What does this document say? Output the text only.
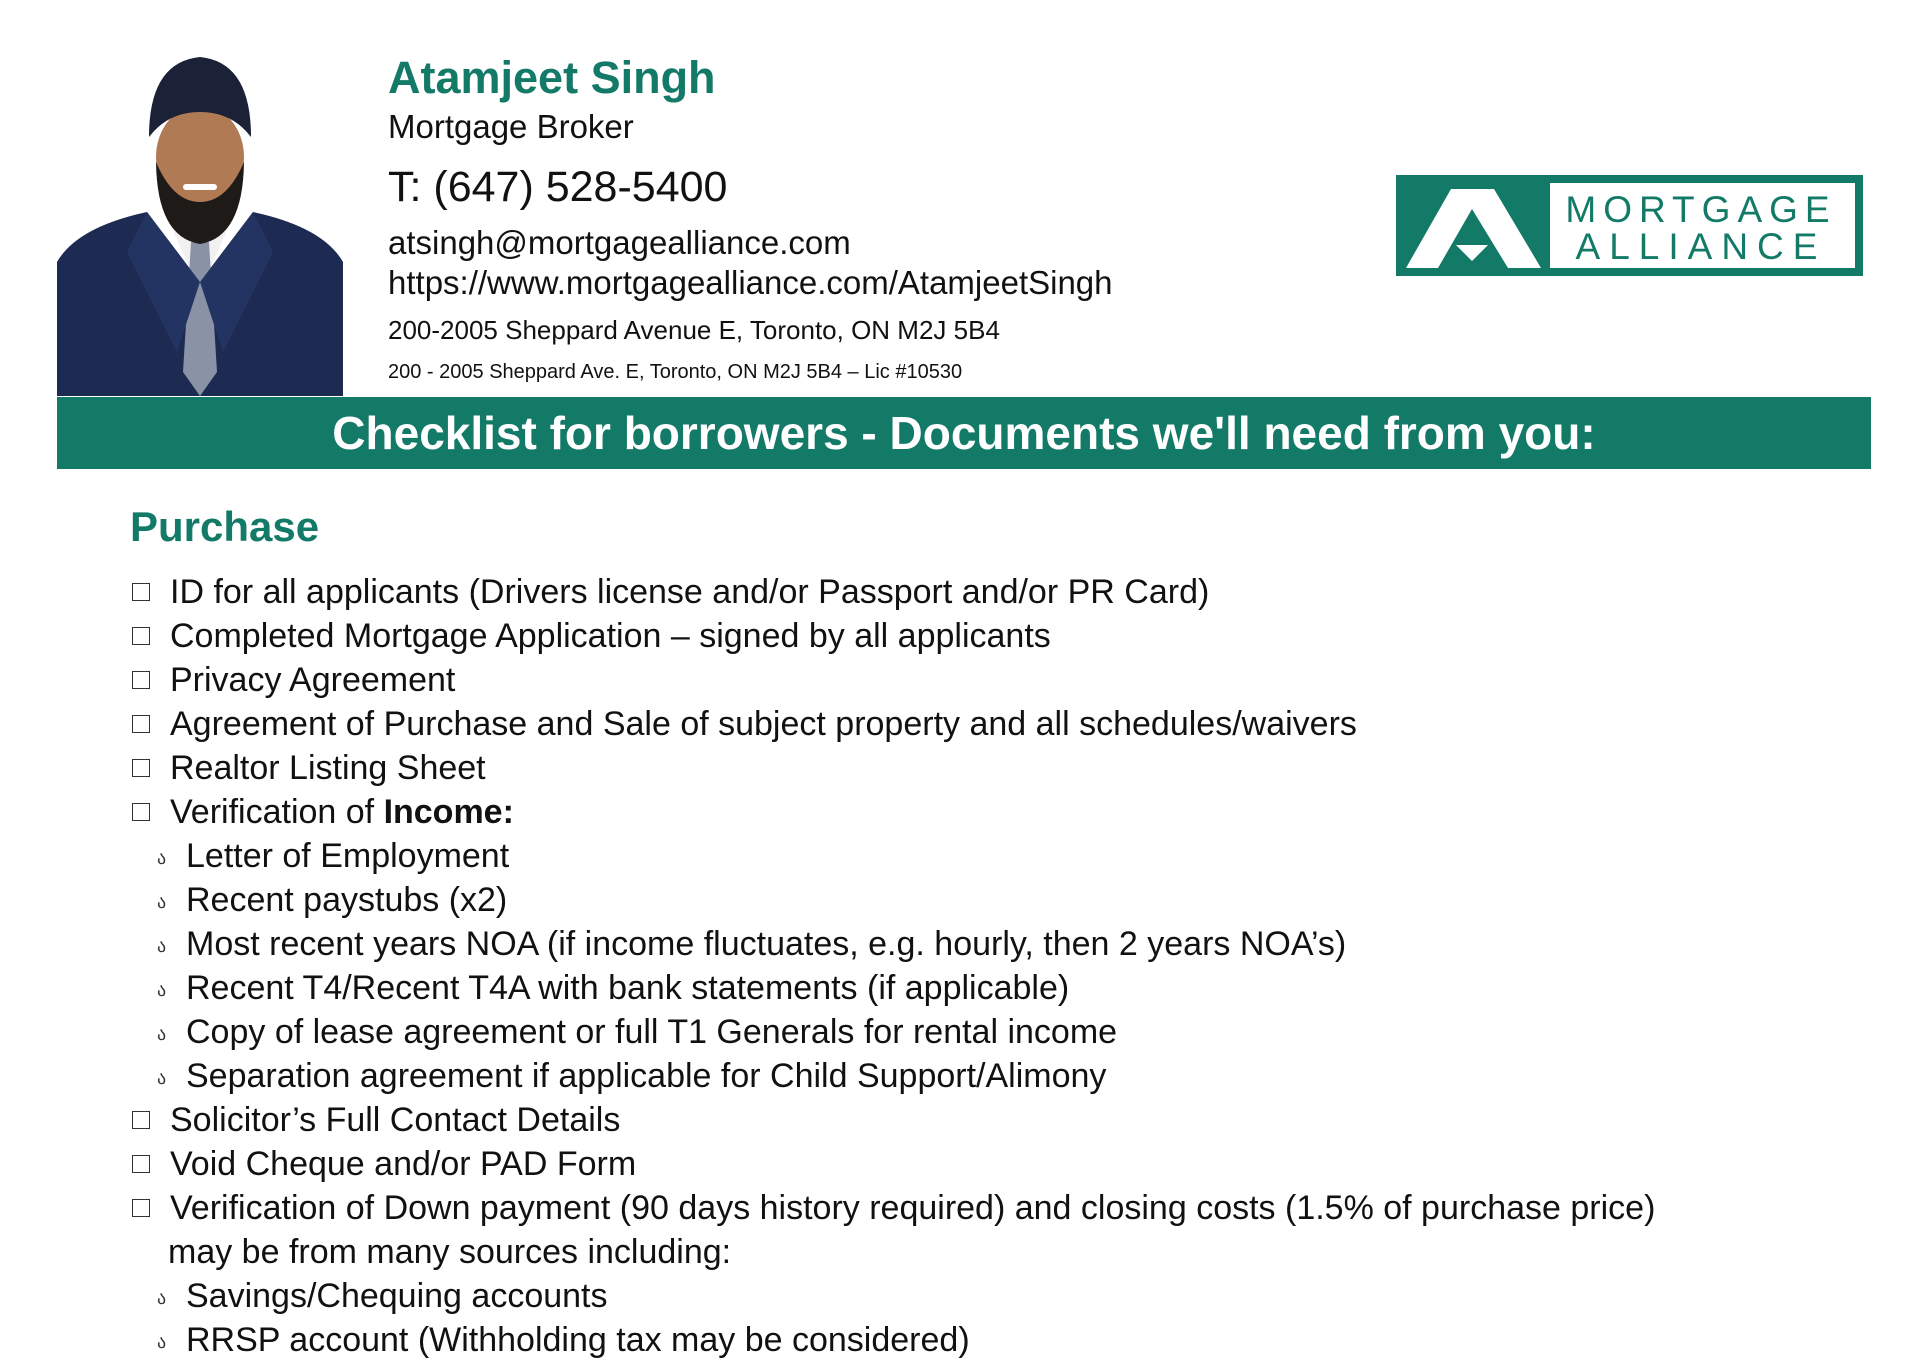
Atamjeet Singh
Mortgage Broker
T: (647) 528-5400
atsingh@mortgagealliance.com
https://www.mortgagealliance.com/AtamjeetSingh
200-2005 Sheppard Avenue E, Toronto, ON M2J 5B4
200 - 2005 Sheppard Ave. E, Toronto, ON M2J 5B4 – Lic #10530
MORTGAGE
ALLIANCE
Checklist for borrowers - Documents we'll need from you:
Purchase
ID for all applicants (Drivers license and/or Passport and/or PR Card)
Completed Mortgage Application – signed by all applicants
Privacy Agreement
Agreement of Purchase and Sale of subject property and all schedules/waivers
Realtor Listing Sheet
Verification of Income:
ა Letter of Employment
ა Recent paystubs (x2)
ა Most recent years NOA (if income fluctuates, e.g. hourly, then 2 years NOA’s)
ა Recent T4/Recent T4A with bank statements (if applicable)
ა Copy of lease agreement or full T1 Generals for rental income
ა Separation agreement if applicable for Child Support/Alimony
Solicitor’s Full Contact Details
Void Cheque and/or PAD Form
Verification of Down payment (90 days history required) and closing costs (1.5% of purchase price)
may be from many sources including:
ა Savings/Chequing accounts
ა RRSP account (Withholding tax may be considered)
